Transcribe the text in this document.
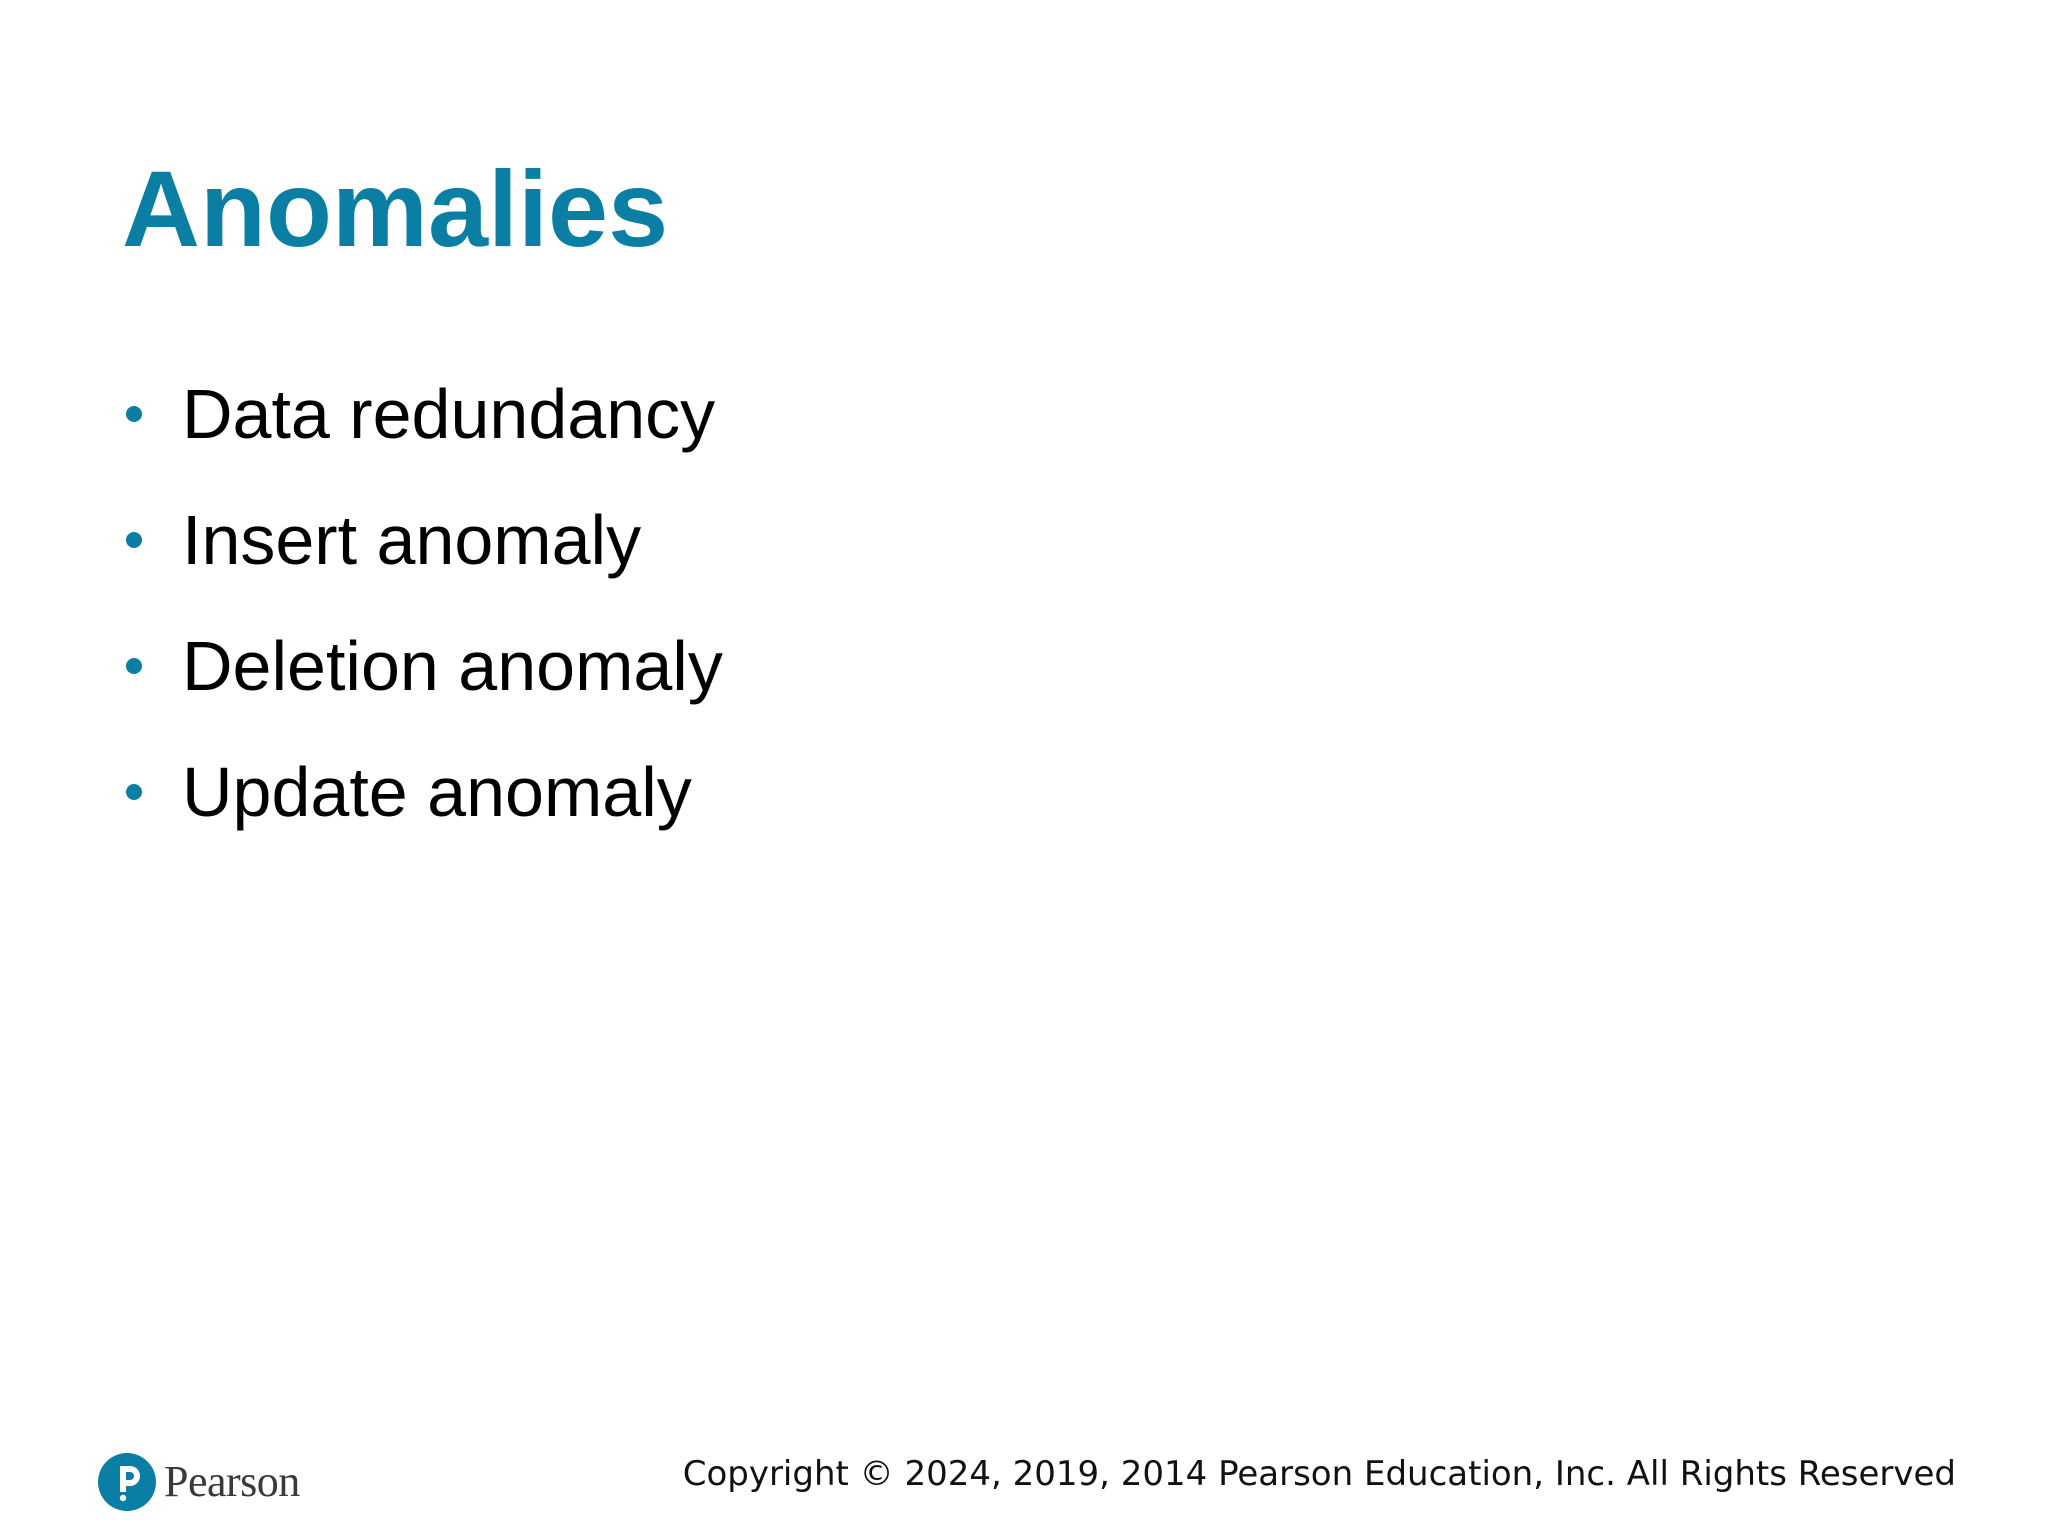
Anomalies
Data redundancy
Insert anomaly
Deletion anomaly
Update anomaly
Pearson	Copyright © 2024, 2019, 2014 Pearson Education, Inc. All Rights Reserved
